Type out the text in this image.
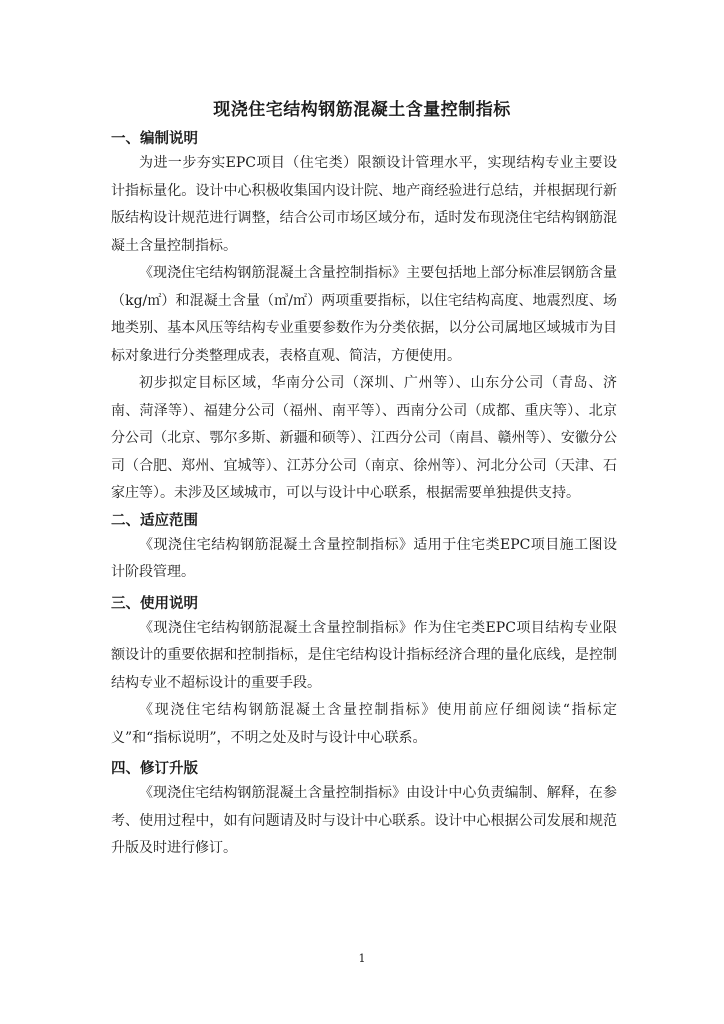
现浇住宅结构钢筋混凝土含量控制指标
一、编制说明

为进一步夯实EPC项目（住宅类）限额设计管理水平，实现结构专业主要设计指标量化。设计中心积极收集国内设计院、地产商经验进行总结，并根据现行新版结构设计规范进行调整，结合公司市场区域分布，适时发布现浇住宅结构钢筋混凝土含量控制指标。

《现浇住宅结构钢筋混凝土含量控制指标》主要包括地上部分标准层钢筋含量（kg/㎡）和混凝土含量（㎥/㎡）两项重要指标，以住宅结构高度、地震烈度、场地类别、基本风压等结构专业重要参数作为分类依据，以分公司属地区域城市为目标对象进行分类整理成表，表格直观、简洁，方便使用。

初步拟定目标区域，华南分公司（深圳、广州等）、山东分公司（青岛、济南、菏泽等）、福建分公司（福州、南平等）、西南分公司（成都、重庆等）、北京分公司（北京、鄂尔多斯、新疆和硕等）、江西分公司（南昌、赣州等）、安徽分公司（合肥、郑州、宜城等）、江苏分公司（南京、徐州等）、河北分公司（天津、石家庄等）。未涉及区域城市，可以与设计中心联系，根据需要单独提供支持。

二、适应范围

《现浇住宅结构钢筋混凝土含量控制指标》适用于住宅类EPC项目施工图设计阶段管理。

三、使用说明

《现浇住宅结构钢筋混凝土含量控制指标》作为住宅类EPC项目结构专业限额设计的重要依据和控制指标，是住宅结构设计指标经济合理的量化底线，是控制结构专业不超标设计的重要手段。

《现浇住宅结构钢筋混凝土含量控制指标》使用前应仔细阅读“指标定义”和“指标说明”，不明之处及时与设计中心联系。

四、修订升版

《现浇住宅结构钢筋混凝土含量控制指标》由设计中心负责编制、解释，在参考、使用过程中，如有问题请及时与设计中心联系。设计中心根据公司发展和规范升版及时进行修订。

1
